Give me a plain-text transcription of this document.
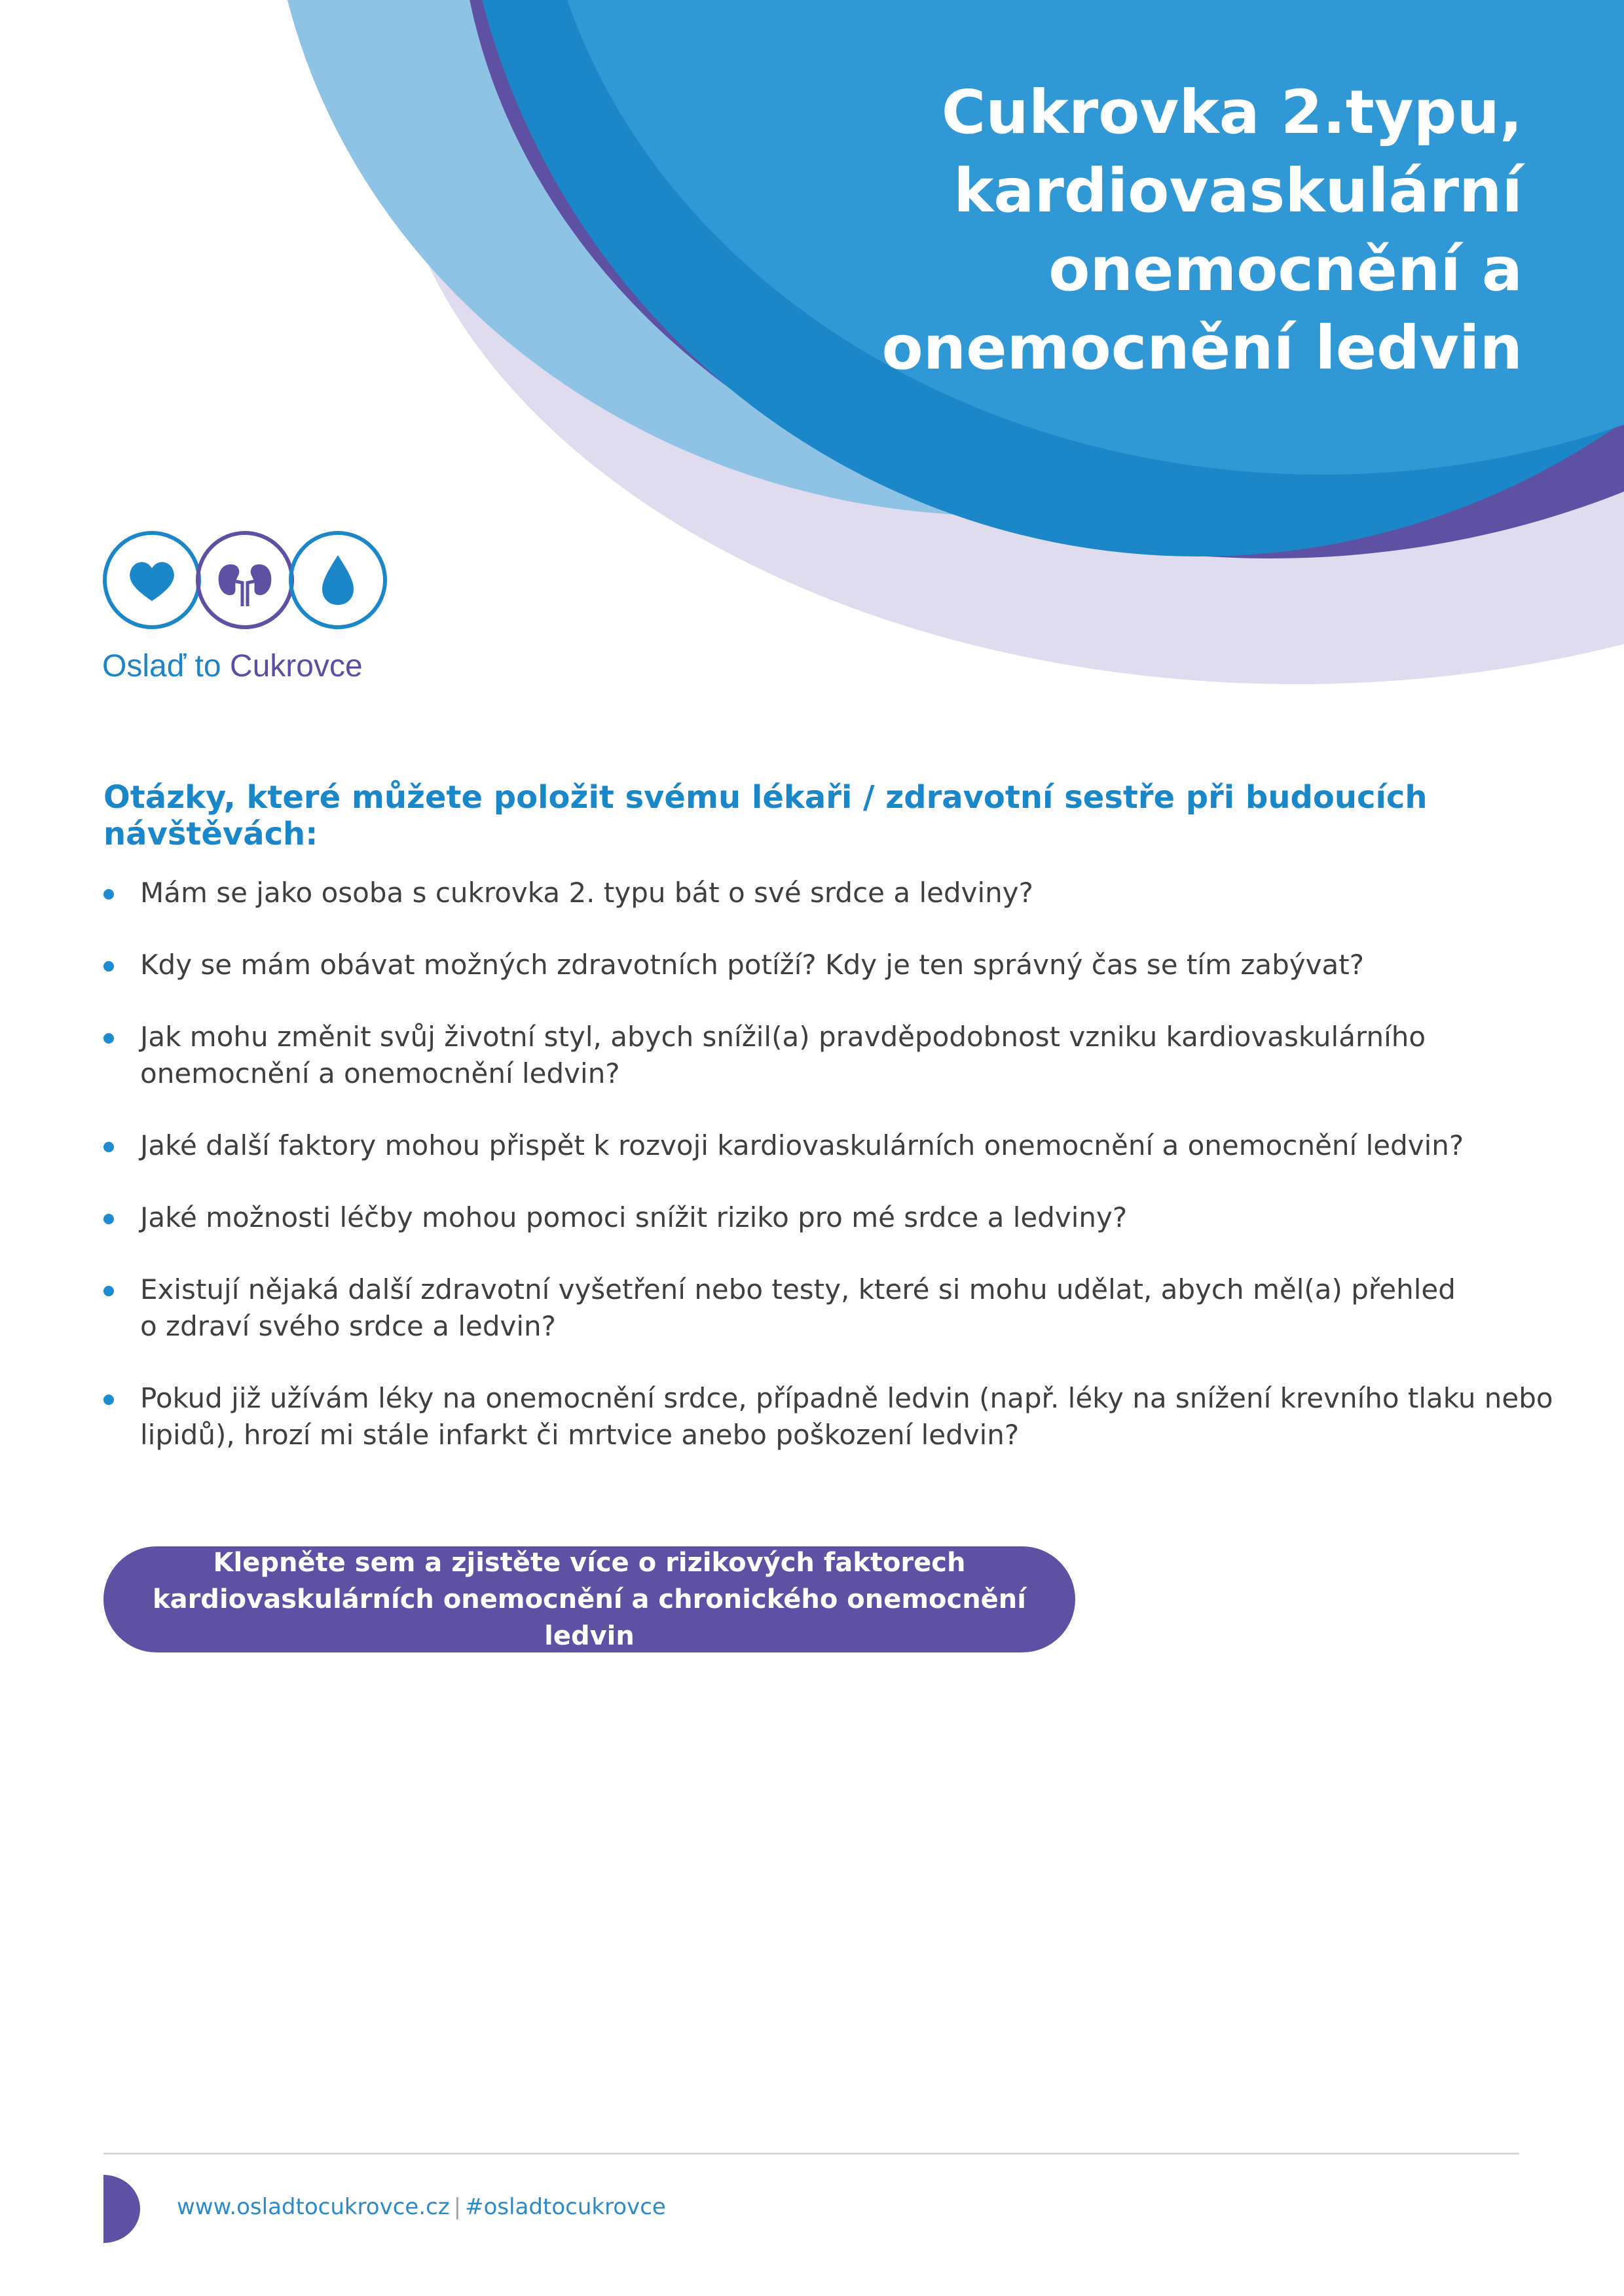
Cukrovka 2.typu,
kardiovaskulární
onemocnění a
onemocnění ledvin
Oslaď to Cukrovce
Otázky, které můžete položit svému lékaři / zdravotní sestře při budoucích návštěvách:
Mám se jako osoba s cukrovka 2. typu bát o své srdce a ledviny?
Kdy se mám obávat možných zdravotních potíží? Kdy je ten správný čas se tím zabývat?
Jak mohu změnit svůj životní styl, abych snížil(a) pravděpodobnost vzniku kardiovaskulárního
onemocnění a onemocnění ledvin?
Jaké další faktory mohou přispět k rozvoji kardiovaskulárních onemocnění a onemocnění ledvin?
Jaké možnosti léčby mohou pomoci snížit riziko pro mé srdce a ledviny?
Existují nějaká další zdravotní vyšetření nebo testy, které si mohu udělat, abych měl(a) přehled
o zdraví svého srdce a ledvin?
Pokud již užívám léky na onemocnění srdce, případně ledvin (např. léky na snížení krevního tlaku nebo
lipidů), hrozí mi stále infarkt či mrtvice anebo poškození ledvin?
Klepněte sem a zjistěte více o rizikových faktorech
kardiovaskulárních onemocnění a chronického onemocnění ledvin
www.osladtocukrovce.cz | #osladtocukrovce
